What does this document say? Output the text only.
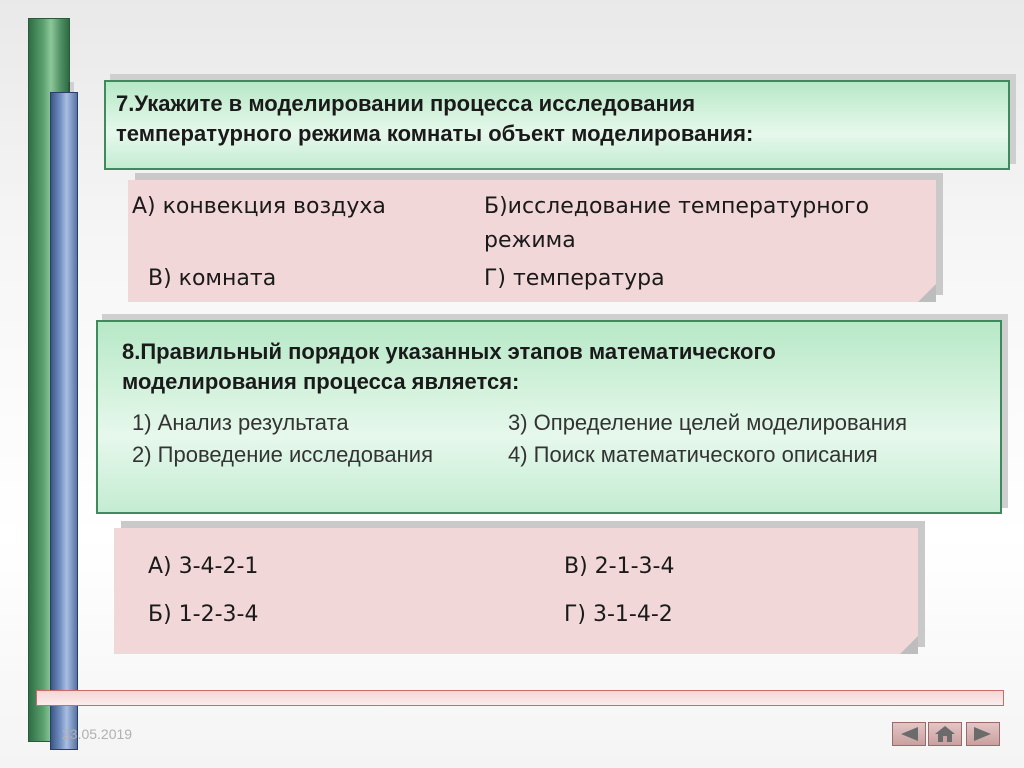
7.Укажите в моделировании процесса исследования
температурного режима комнаты объект моделирования:
А) конвекция воздуха	Б)исследование температурного
режима
В) комната	Г) температура
8.Правильный порядок указанных этапов математического
моделирования процесса является:
1) Анализ результата
2) Проведение исследования
3) Определение целей моделирования
4) Поиск математического описания
А) 3-4-2-1
Б) 1-2-3-4
В) 2-1-3-4
Г) 3-1-4-2
23.05.2019
